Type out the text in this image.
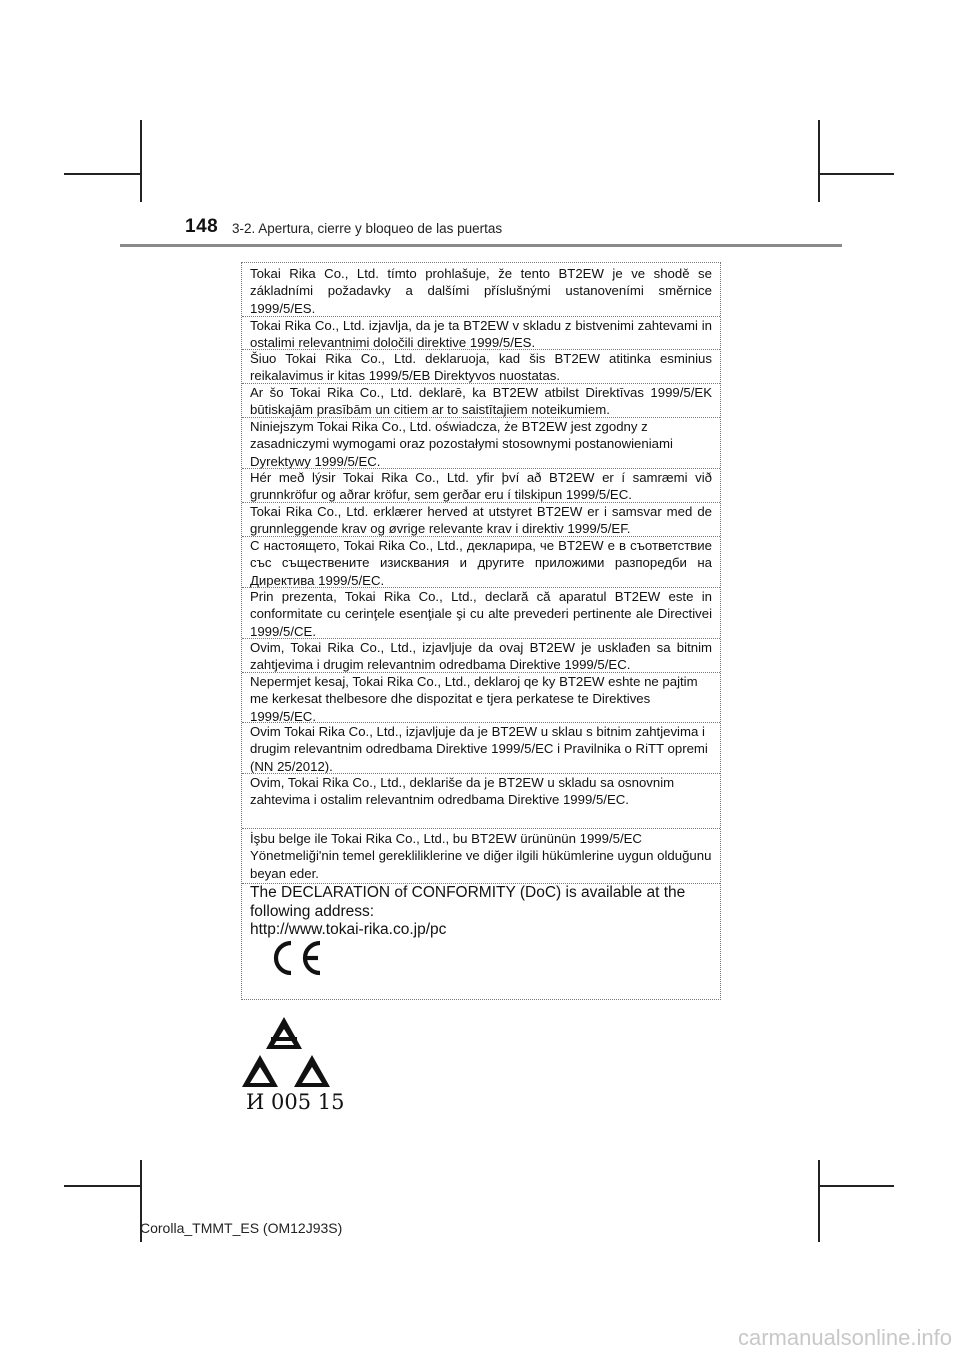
148 3-2. Apertura, cierre y bloqueo de las puertas
Tokai Rika Co., Ltd. tímto prohlašuje, že tento BT2EW je ve shodě se základními požadavky a dalšími příslušnými ustanoveními směrnice 1999/5/ES.
Tokai Rika Co., Ltd. izjavlja, da je ta BT2EW v skladu z bistvenimi zahtevami in ostalimi relevantnimi določili direktive 1999/5/ES.
Šiuo Tokai Rika Co., Ltd. deklaruoja, kad šis BT2EW atitinka esminius reikalavimus ir kitas 1999/5/EB Direktyvos nuostatas.
Ar šo Tokai Rika Co., Ltd. deklarē, ka BT2EW atbilst Direktīvas 1999/5/EK būtiskajām prasībām un citiem ar to saistītajiem noteikumiem.
Niniejszym Tokai Rika Co., Ltd. oświadcza, że BT2EW jest zgodny z zasadniczymi wymogami oraz pozostałymi stosownymi postanowieniami Dyrektywy 1999/5/EC.
Hér með lýsir Tokai Rika Co., Ltd. yfir því að BT2EW er í samræmi við grunnkröfur og aðrar kröfur, sem gerðar eru í tilskipun 1999/5/EC.
Tokai Rika Co., Ltd. erklærer herved at utstyret BT2EW er i samsvar med de grunnleggende krav og øvrige relevante krav i direktiv 1999/5/EF.
С настоящето, Tokai Rika Co., Ltd., декларира, че BT2EW е в съответствие със съществените изисквания и другите приложими разпоредби на Директива 1999/5/ЕС.
Prin prezenta, Tokai Rika Co., Ltd., declară că aparatul BT2EW este in conformitate cu cerinţele esenţiale şi cu alte prevederi pertinente ale Directivei 1999/5/CE.
Ovim, Tokai Rika Co., Ltd., izjavljuje da ovaj BT2EW je usklađen sa bitnim zahtjevima i drugim relevantnim odredbama Direktive 1999/5/EC.
Nepermjet kesaj, Tokai Rika Co., Ltd., deklaroj qe ky BT2EW eshte ne pajtim me kerkesat thelbesore dhe dispozitat e tjera perkatese te Direktives 1999/5/EC.
Ovim Tokai Rika Co., Ltd., izjavljuje da je BT2EW u sklau s bitnim zahtjevima i drugim relevantnim odredbama Direktive 1999/5/EC i Pravilnika o RiTT opremi (NN 25/2012).
Ovim, Tokai Rika Co., Ltd., deklariše da je BT2EW u skladu sa osnovnim zahtevima i ostalim relevantnim odredbama Direktive 1999/5/EC.
İşbu belge ile Tokai Rika Co., Ltd., bu BT2EW ürününün 1999/5/EC Yönetmeliği'nin temel gerekliliklerine ve diğer ilgili hükümlerine uygun olduğunu beyan eder.
The DECLARATION of CONFORMITY (DoC) is available at the
following address:
http://www.tokai-rika.co.jp/pc
И 005 15
Corolla_TMMT_ES (OM12J93S)
carmanualsonline.info
